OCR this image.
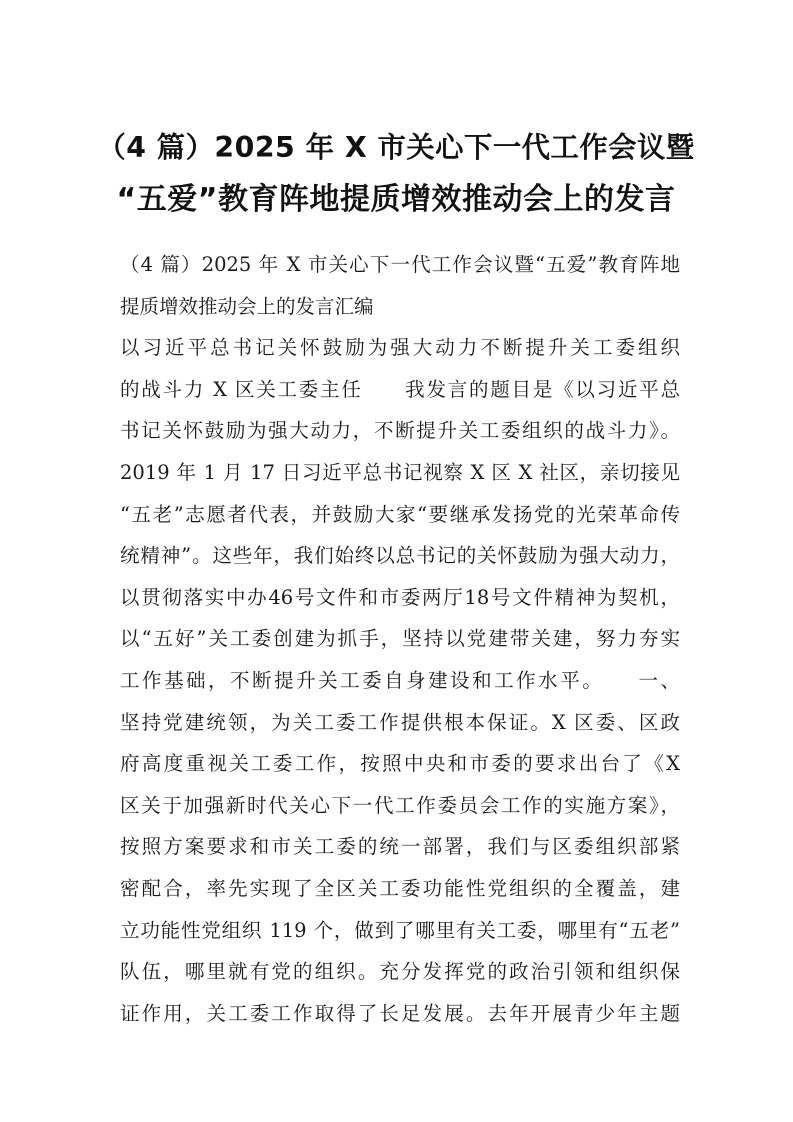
（4 篇）2025 年 X 市关心下一代工作会议暨
“五爱”教育阵地提质增效推动会上的发言
（4 篇）2025 年 X 市关心下一代工作会议暨“五爱”教育阵地
提质增效推动会上的发言汇编
以习近平总书记关怀鼓励为强大动力不断提升关工委组织
的战斗力 X 区关工委主任　　我发言的题目是《以习近平总
书记关怀鼓励为强大动力，不断提升关工委组织的战斗力》。
2019 年 1 月 17 日习近平总书记视察 X 区 X 社区，亲切接见
“五老”志愿者代表，并鼓励大家“要继承发扬党的光荣革命传
统精神”。这些年，我们始终以总书记的关怀鼓励为强大动力，
以贯彻落实中办46号文件和市委两厅18号文件精神为契机，
以“五好”关工委创建为抓手，坚持以党建带关建，努力夯实
工作基础，不断提升关工委自身建设和工作水平。　　一、
坚持党建统领，为关工委工作提供根本保证。X 区委、区政
府高度重视关工委工作，按照中央和市委的要求出台了《X
区关于加强新时代关心下一代工作委员会工作的实施方案》，
按照方案要求和市关工委的统一部署，我们与区委组织部紧
密配合，率先实现了全区关工委功能性党组织的全覆盖，建
立功能性党组织 119 个，做到了哪里有关工委，哪里有“五老”
队伍，哪里就有党的组织。充分发挥党的政治引领和组织保
证作用，关工委工作取得了长足发展。去年开展青少年主题
